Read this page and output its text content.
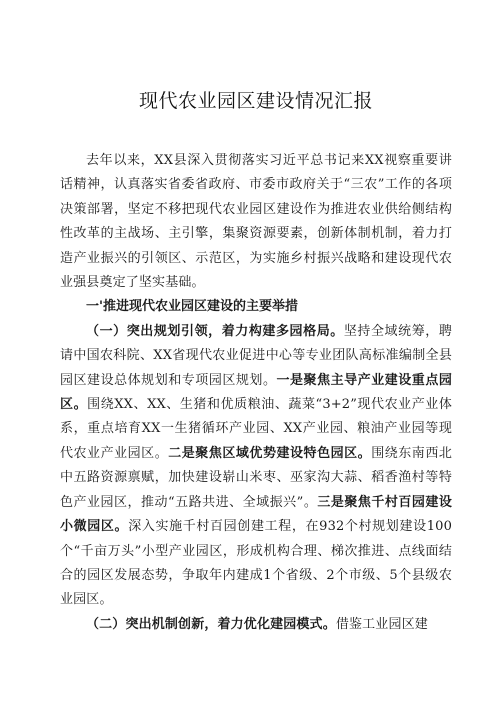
现代农业园区建设情况汇报

去年以来，XX县深入贯彻落实习近平总书记来XX视察重要讲话精神，认真落实省委省政府、市委市政府关于“三农”工作的各项决策部署，坚定不移把现代农业园区建设作为推进农业供给侧结构性改革的主战场、主引擎，集聚资源要素，创新体制机制，着力打造产业振兴的引领区、示范区，为实施乡村振兴战略和建设现代农业强县奠定了坚实基础。

一'推进现代农业园区建设的主要举措

（一）突出规划引领，着力构建多园格局。坚持全域统筹，聘请中国农科院、XX省现代农业促进中心等专业团队高标准编制全县园区建设总体规划和专项园区规划。一是聚焦主导产业建设重点园区。围绕XX、XX、生猪和优质粮油、蔬菜“3+2”现代农业产业体系，重点培育XX一生猪循环产业园、XX产业园、粮油产业园等现代农业产业园区。二是聚焦区域优势建设特色园区。围绕东南西北中五路资源禀赋，加快建设崭山米枣、巫家沟大蒜、稻香渔村等特色产业园区，推动“五路共进、全域振兴”。三是聚焦千村百园建设小微园区。深入实施千村百园创建工程，在932个村规划建设100个“千亩万头”小型产业园区，形成机构合理、梯次推进、点线面结合的园区发展态势，争取年内建成1个省级、2个市级、5个县级农业园区。

（二）突出机制创新，着力优化建园模式。借鉴工业园区建
